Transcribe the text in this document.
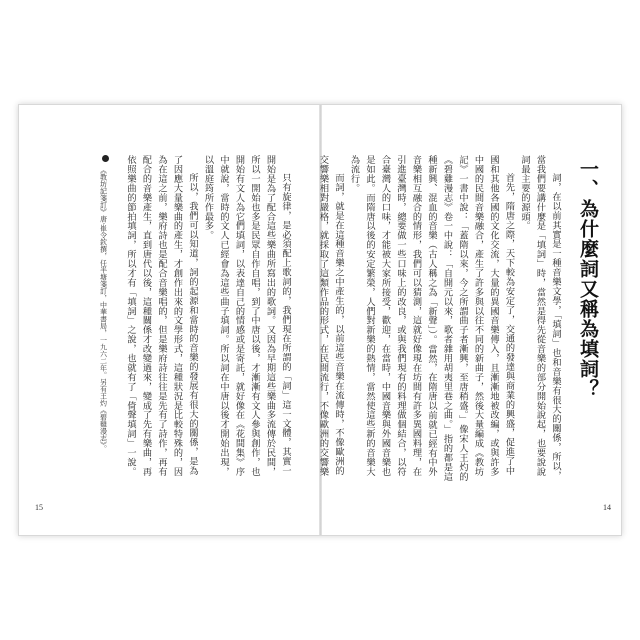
《教坊記箋訂》唐·崔令欽撰，任半塘箋訂，中華書局，一九六二年。另有王灼《碧雞漫志》。	只有旋律，是必須配上歌詞的，我們現在所謂的「詞」這一文體，其實一開始是為了配合這些樂曲所寫出的歌詞。又因為早期這些樂曲多流傳於民間，所以一開始也多是民眾自作自唱，到了中唐以後，才漸漸有文人參與創作，也開始有文人為它們填詞，以表達自己的情感或是寄託，就好像在《花間集》序中就說，當時的文人已經會為這些曲子填詞。所以詞在中唐以後才開始出現，以溫庭筠所作最多。

所以，我們可以知道，詞的起源和當時的音樂的發展有很大的關係，是為了因應大量樂曲的產生，才創作出來的文學形式，這種狀況是比較特殊的，因為在這之前，樂府詩也是配合音樂唱的，但是樂府詩往往是先有了詩作，再有配合的音樂產生，直到唐代以後，這種關係才改變過來，變成了先有樂曲，再依照樂曲的節拍填詞，所以才有「填詞」之說，也就有了「倚聲填詞」一說。

15
一、為什麼詞又稱為填詞？

詞，在以前其實是一種音樂文學，「填詞」也和音樂有很大的關係，所以，當我們要講什麼是「填詞」時，當然是得先從音樂的部分開始說起，也要說說詞最主要的源頭。

首先，隋唐之際，天下較為安定了，交通的發達與商業的興盛，促進了中國和其他各國的文化交流，大量的異國音樂傳入，且漸漸地被改編，或與許多中國的民間音樂融合，產生了許多與以往不同的新曲子，然後大量編成《教坊記》一書中說：「蓋隋以來，今之所謂曲子者漸興，至唐稍盛。」像宋人王灼的《碧雞漫志》卷一中說：「自開元以來，歌者雜用胡夷里巷之曲。」指的都是這種新興、混血的音樂（古人稱之為「新聲」）。當然，在隋唐以前就已經有中外音樂相互融合的情形，我們可以猜測，這就好像現在坊間有許多異國料理，在引進臺灣時，總要做一些口味上的改良，或與我們現有的料理做個結合，以符合臺灣人的口味，才能被大家所接受，歡迎，在當時，中國音樂與外國音樂也是如此。而隋唐以後的安定繁榮，人們對新樂的熱情，當然使這些新的音樂大為流行。

而詞，就是在這種音樂之中產生的，以前這些音樂在流傳時，不像歐洲的交響樂相對嚴格，就採取了這類作品的形式，在民間流行，不像歐洲的交響樂

14
